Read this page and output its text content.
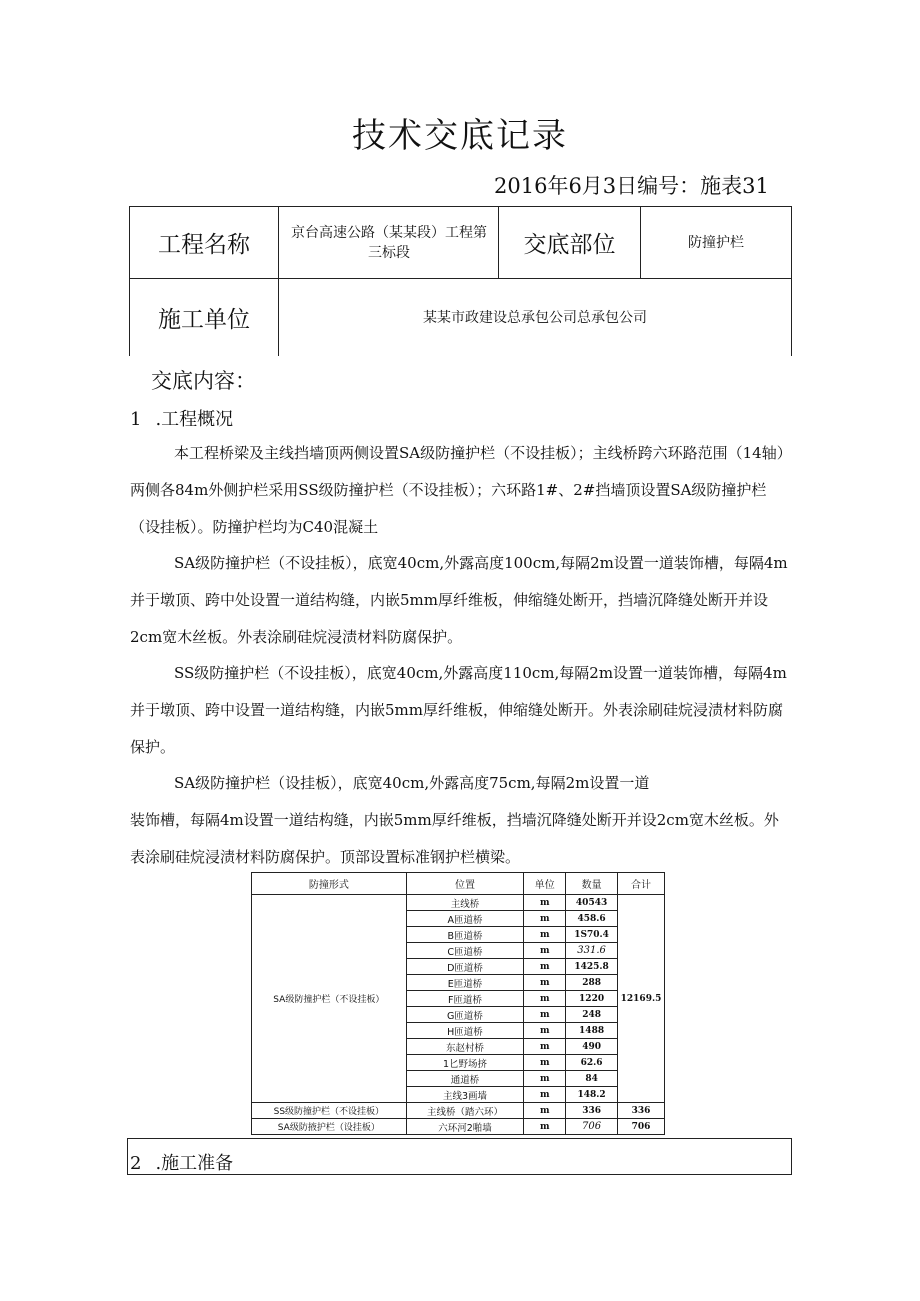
技术交底记录
2016年6月3日编号：施表31
工程名称	京台高速公路（某某段）工程第三标段	交底部位	防撞护栏
施工单位	某某市政建设总承包公司总承包公司
交底内容：
1 .工程概况

本工程桥梁及主线挡墙顶两侧设置SA级防撞护栏（不设挂板）；主线桥跨六环路范围（14轴）两侧各84m外侧护栏采用SS级防撞护栏（不设挂板）；六环路1#、2#挡墙顶设置SA级防撞护栏（设挂板）。防撞护栏均为C40混凝土

SA级防撞护栏（不设挂板），底宽40cm,外露高度100cm,每隔2m设置一道装饰槽，每隔4m并于墩顶、跨中处设置一道结构缝，内嵌5mm厚纤维板，伸缩缝处断开，挡墙沉降缝处断开并设2cm宽木丝板。外表涂刷硅烷浸渍材料防腐保护。

SS级防撞护栏（不设挂板），底宽40cm,外露高度110cm,每隔2m设置一道装饰槽，每隔4m并于墩顶、跨中设置一道结构缝，内嵌5mm厚纤维板，伸缩缝处断开。外表涂刷硅烷浸渍材料防腐保护。

SA级防撞护栏（设挂板），底宽40cm,外露高度75cm,每隔2m设置一道
装饰槽，每隔4m设置一道结构缝，内嵌5mm厚纤维板，挡墙沉降缝处断开并设2cm宽木丝板。外表涂刷硅烷浸渍材料防腐保护。顶部设置标准钢护栏横梁。

防撞形式	位置	单位	数量	合计
SA级防撞护栏（不设挂板）	主线桥	m	40543	12169.5
	A匝道桥	m	458.6	
	B匝道桥	m	1S70.4	
	C匝道桥	m	331.6	
	D匝道桥	m	1425.8	
	E匝道桥	m	288	
	F匝道桥	m	1220	
	G匝道桥	m	248	
	H匝道桥	m	1488	
	东赵村桥	m	490	
	1匕野场挤	m	62.6	
	通道桥	m	84	
	主线3画墙	m	148.2	
SS级防撞护栏（不设挂板）	主线桥（踏六环）	m	336	336
SA级防掖护栏（设挂板）	六环河2啪墙	m	706	706
2 .施工准备
